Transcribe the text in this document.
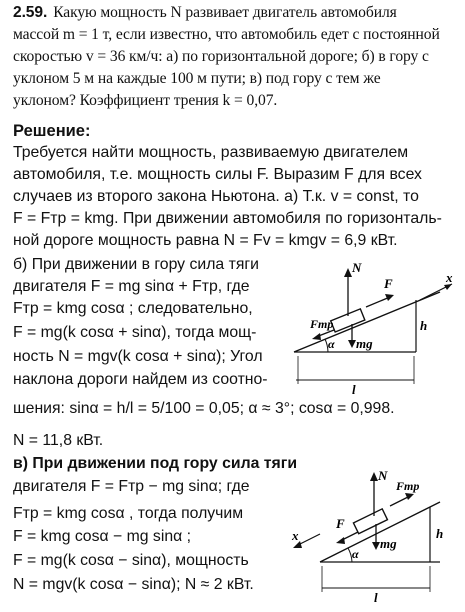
2.59. Какую мощность N развивает двигатель автомобиля
массой m = 1 т, если известно, что автомобиль едет с постоянной
скоростью v = 36 км/ч: а) по горизонтальной дороге; б) в гору с
уклоном 5 м на каждые 100 м пути; в) под гору с тем же
уклоном? Коэффициент трения k = 0,07.
Решение:
Требуется найти мощность, развиваемую двигателем
автомобиля, т.е. мощность силы F. Выразим F для всех
случаев из второго закона Ньютона. а) Т.к. v = const, то
F = Fтр = kmg. При движении автомобиля по горизонталь-
ной дороге мощность равна N = Fv = kmgv = 6,9 кВт.
б) При движении в гору сила тяги
двигателя F = mg sinα + Fтр, где
Fтр = kmg cosα ; следовательно,
F = mg(k cosα + sinα), тогда мощ-
ность N = mgv(k cosα + sinα); Угол
наклона дороги найдем из соотно-
шения: sinα = h/l = 5/100 = 0,05; α ≈ 3°; cosα = 0,998.
N = 11,8 кВт.
в) При движении под гору сила тяги
двигателя F = Fтр − mg sinα; где
Fтр = kmg cosα , тогда получим
F = kmg cosα − mg sinα ;
F = mg(k cosα − sinα), мощность
N = mgv(k cosα − sinα); N ≈ 2 кВт.
N
F
Fтр
α mg
h
l
x
N
Fтр
F
α
mg
h
l
x
